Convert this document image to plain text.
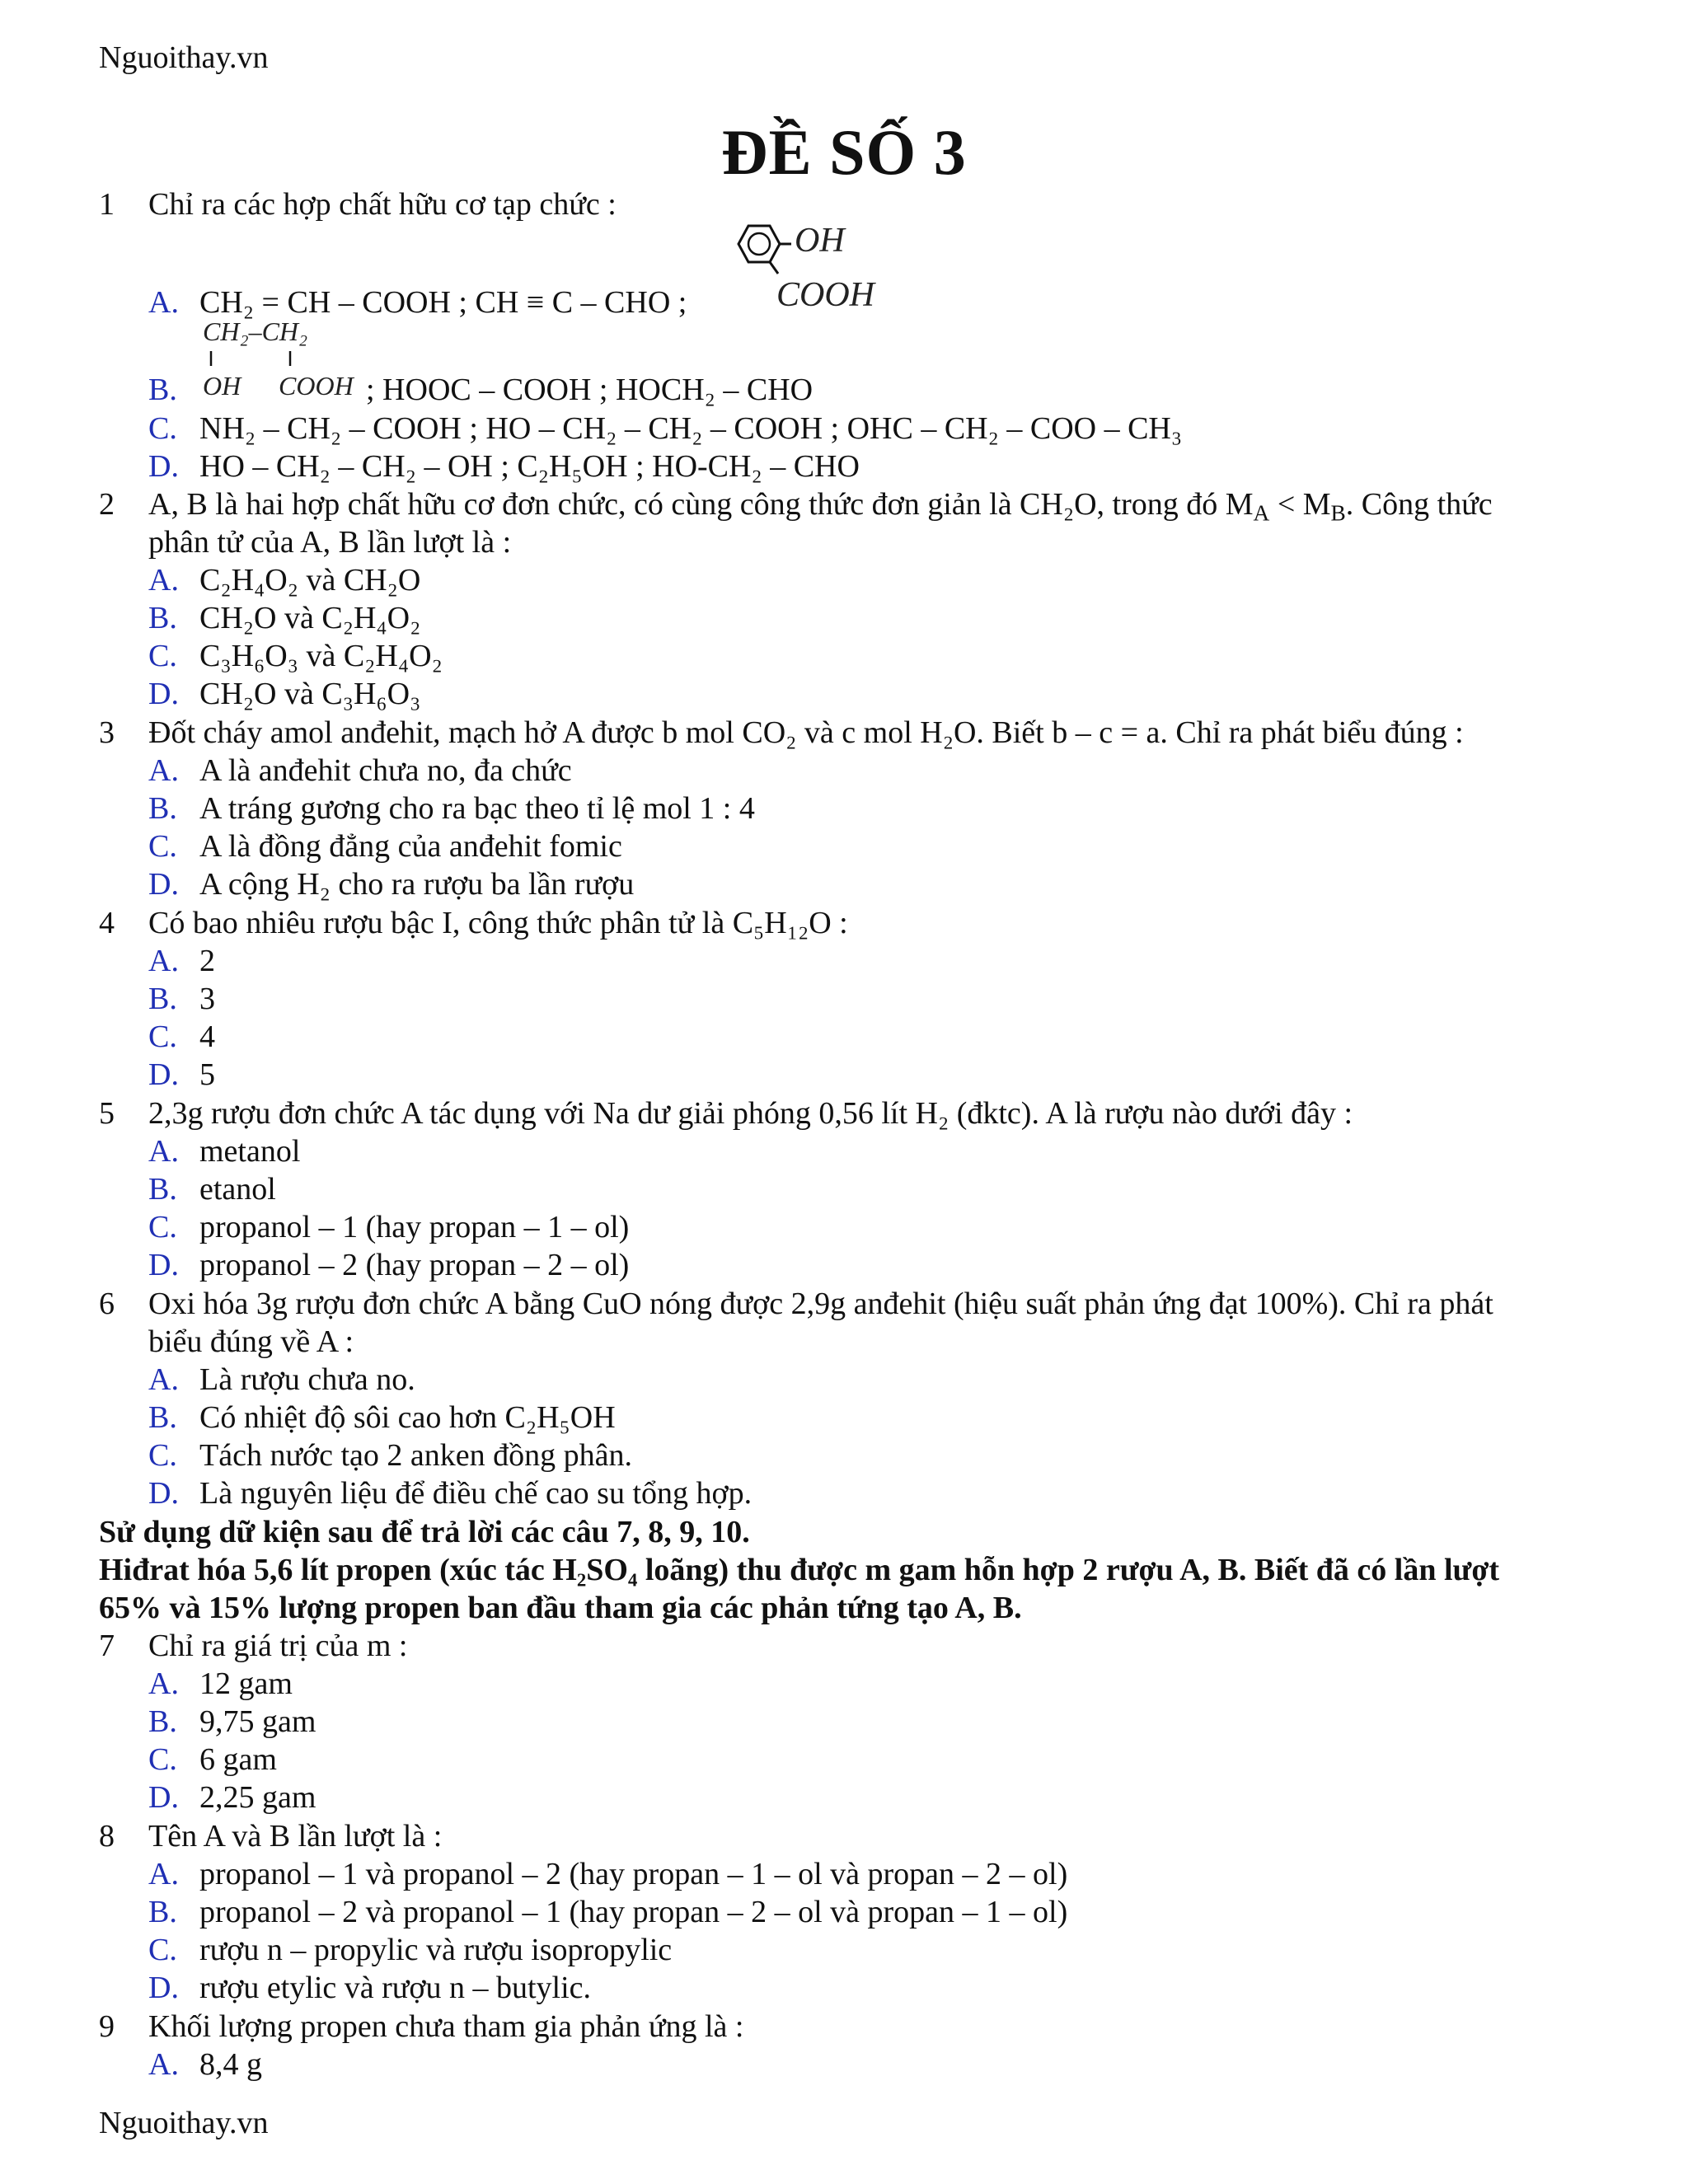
Nguoithay.vn
ĐỀ SỐ 3
1 Chỉ ra các hợp chất hữu cơ tạp chức :
OH
COOH
A. CH₂ = CH – COOH ; CH ≡ C – CHO ;
CH₂–CH₂
OH COOH
B.	; HOOC – COOH ; HOCH₂ – CHO
C. NH₂ – CH₂ – COOH ; HO – CH₂ – CH₂ – COOH ; OHC – CH₂ – COO – CH₃
D. HO – CH₂ – CH₂ – OH ; C₂H₅OH ; HO-CH₂ – CHO
2 A, B là hai hợp chất hữu cơ đơn chức, có cùng công thức đơn giản là CH₂O, trong đó $M_A < M_B$. Công thức
phân tử của A, B lần lượt là :
A. C₂H₄O₂ và CH₂O
B. CH₂O và C₂H₄O₂
C. C₃H₆O₃ và C₂H₄O₂
D. CH₂O và C₃H₆O₃
3 Đốt cháy amol anđehit, mạch hở A được b mol CO₂ và c mol H₂O. Biết b – c = a. Chỉ ra phát biểu đúng :
A. A là anđehit chưa no, đa chức
B. A tráng gương cho ra bạc theo tỉ lệ mol 1 : 4
C. A là đồng đẳng của anđehit fomic
D. A cộng H₂ cho ra rượu ba lần rượu
4 Có bao nhiêu rượu bậc I, công thức phân tử là C₅H₁₂O :
A. 2
B. 3
C. 4
D. 5
5 2,3g rượu đơn chức A tác dụng với Na dư giải phóng 0,56 lít H₂ (đktc). A là rượu nào dưới đây :
A. metanol
B. etanol
C. propanol – 1 (hay propan – 1 – ol)
D. propanol – 2 (hay propan – 2 – ol)
6 Oxi hóa 3g rượu đơn chức A bằng CuO nóng được 2,9g anđehit (hiệu suất phản ứng đạt 100%). Chỉ ra phát
biểu đúng về A :
A. Là rượu chưa no.
B. Có nhiệt độ sôi cao hơn C₂H₅OH
C. Tách nước tạo 2 anken đồng phân.
D. Là nguyên liệu để điều chế cao su tổng hợp.
Sử dụng dữ kiện sau để trả lời các câu 7, 8, 9, 10.
Hiđrat hóa 5,6 lít propen (xúc tác H₂SO₄ loãng) thu được m gam hỗn hợp 2 rượu A, B. Biết đã có lần lượt
65% và 15% lượng propen ban đầu tham gia các phản tứng tạo A, B.
7 Chỉ ra giá trị của m :
A. 12 gam
B. 9,75 gam
C. 6 gam
D. 2,25 gam
8 Tên A và B lần lượt là :
A. propanol – 1 và propanol – 2 (hay propan – 1 – ol và propan – 2 – ol)
B. propanol – 2 và propanol – 1 (hay propan – 2 – ol và propan – 1 – ol)
C. rượu n – propylic và rượu isopropylic
D. rượu etylic và rượu n – butylic.
9 Khối lượng propen chưa tham gia phản ứng là :
A. 8,4 g
Nguoithay.vn
